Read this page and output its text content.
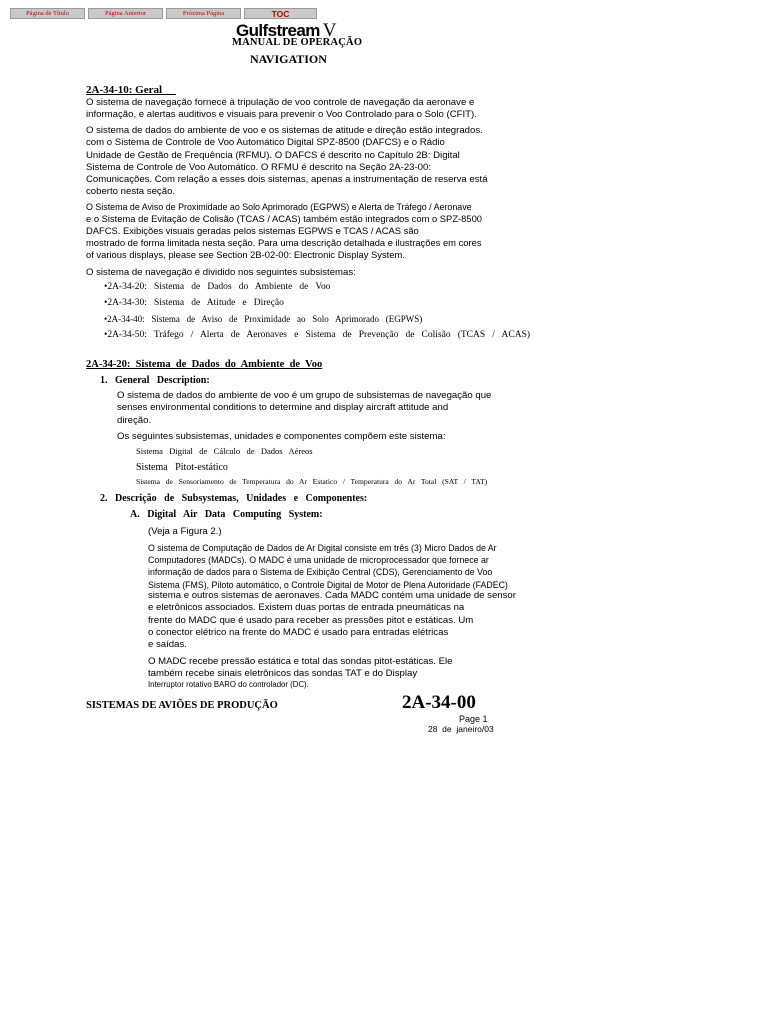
Página de Título	Página Anterior	Próxima Página	TOC
Gulfstream V
MANUAL DE OPERAÇÃO
NAVIGATION
2A-34-10: Geral
O sistema de navegação fornece à tripulação de voo controle de navegação da aeronave e
informação, e alertas auditivos e visuais para prevenir o Voo Controlado para o Solo (CFIT).
O sistema de dados do ambiente de voo e os sistemas de atitude e direção estão integrados.
com o Sistema de Controle de Voo Automático Digital SPZ-8500 (DAFCS) e o Rádio
Unidade de Gestão de Frequência (RFMU). O DAFCS é descrito no Capítulo 2B: Digital
Sistema de Controle de Voo Automático. O RFMU é descrito na Seção 2A-23-00:
Comunicações. Com relação a esses dois sistemas, apenas a instrumentação de reserva está
coberto nesta seção.
O Sistema de Aviso de Proximidade ao Solo Aprimorado (EGPWS) e Alerta de Tráfego / Aeronave
e o Sistema de Evitação de Colisão (TCAS / ACAS) também estão integrados com o SPZ-8500
DAFCS. Exibições visuais geradas pelos sistemas EGPWS e TCAS / ACAS são
mostrado de forma limitada nesta seção. Para uma descrição detalhada e ilustrações em cores
of various displays, please see Section 2B-02-00: Electronic Display System.
O sistema de navegação é dividido nos seguintes subsistemas:
•2A-34-20:   Sistema   de   Dados   do   Ambiente   de   Voo
•2A-34-30:   Sistema   de   Atitude   e   Direção
•2A-34-40:   Sistema   de   Aviso   de   Proximidade   ao   Solo   Aprimorado   (EGPWS)
•2A-34-50:   Tráfego   /   Alerta   de   Aeronaves   e   Sistema   de   Prevenção   de   Colisão   (TCAS   /   ACAS)
2A-34-20:  Sistema  de  Dados  do  Ambiente  de  Voo
1.   General   Description:
O sistema de dados do ambiente de voo é um grupo de subsistemas de navegação que
senses environmental conditions to determine and display aircraft attitude and
direção.
Os seguintes subsistemas, unidades e componentes compõem este sistema:
Sistema   Digital   de   Cálculo   de   Dados   Aéreos
Sistema   Pitot-estático
Sistema   de   Sensoriamento   de   Temperatura   do   Ar   Estatico   /   Temperatura   do   Ar   Total   (SAT   /   TAT)
2.   Descrição   de   Subsystemas,   Unidades   e   Componentes:
A.   Digital   Air   Data   Computing   System:
(Veja a Figura 2.)
O sistema de Computação de Dados de Ar Digital consiste em três (3) Micro Dados de Ar
Computadores (MADCs). O MADC é uma unidade de microprocessador que fornece ar
informação de dados para o Sistema de Exibição Central (CDS), Gerenciamento de Voo
Sistema (FMS), Piloto automático, o Controle Digital de Motor de Plena Autoridade (FADEC)
sistema e outros sistemas de aeronaves. Cada MADC contém uma unidade de sensor
e eletrônicos associados. Existem duas portas de entrada pneumáticas na
frente do MADC que é usado para receber as pressões pitot e estáticas. Um
o conector elétrico na frente do MADC é usado para entradas elétricas
e saídas.
O MADC recebe pressão estática e total das sondas pitot-estáticas. Ele
também recebe sinais eletrônicos das sondas TAT e do Display
Interruptor rotativo BARO do controlador (DC).
SISTEMAS DE AVIÕES DE PRODUÇÃO	2A-34-00
Page 1
28  de  janeiro/03
